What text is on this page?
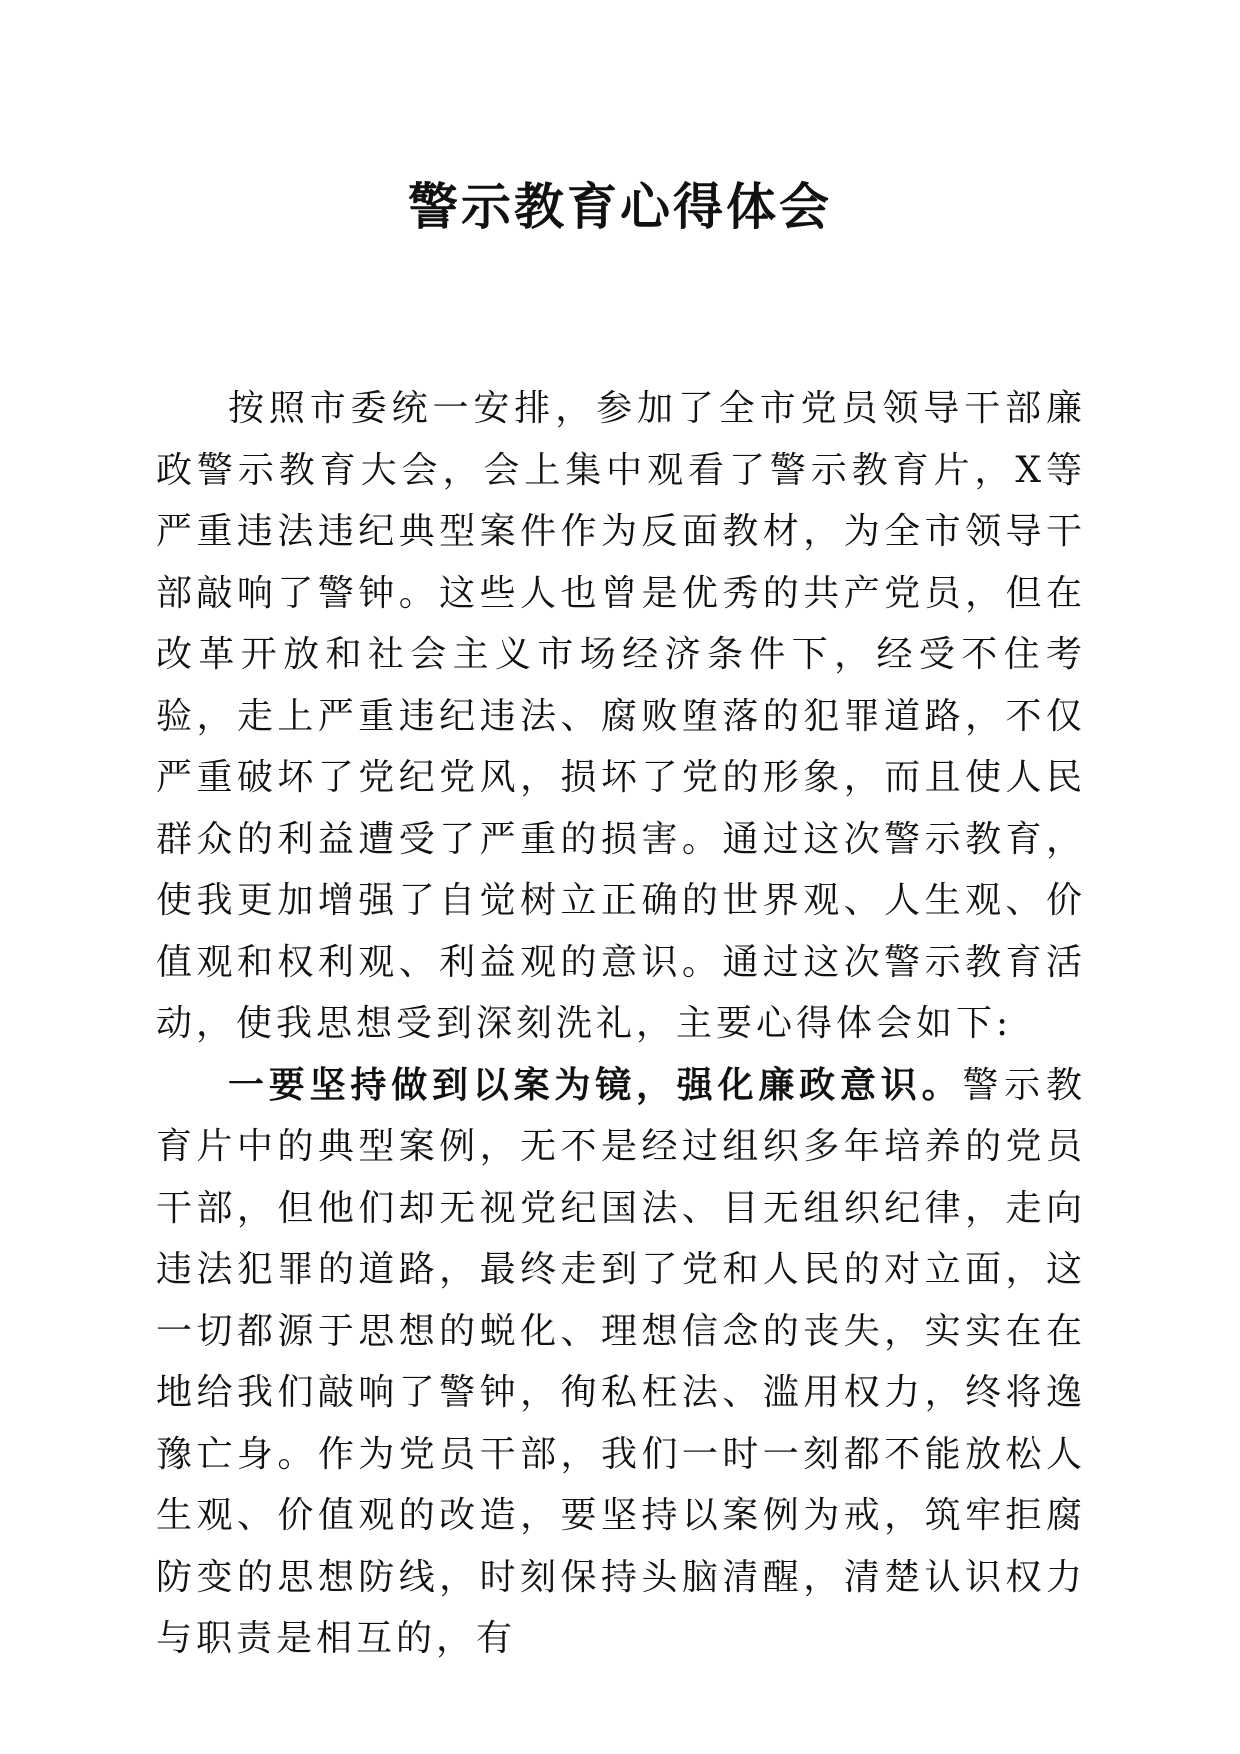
警示教育心得体会

按照市委统一安排，参加了全市党员领导干部廉政警示教育大会，会上集中观看了警示教育片，X等严重违法违纪典型案件作为反面教材，为全市领导干部敲响了警钟。这些人也曾是优秀的共产党员，但在改革开放和社会主义市场经济条件下，经受不住考验，走上严重违纪违法、腐败堕落的犯罪道路，不仅严重破坏了党纪党风，损坏了党的形象，而且使人民群众的利益遭受了严重的损害。通过这次警示教育，使我更加增强了自觉树立正确的世界观、人生观、价值观和权利观、利益观的意识。通过这次警示教育活动，使我思想受到深刻洗礼，主要心得体会如下:

一要坚持做到以案为镜，强化廉政意识。警示教育片中的典型案例，无不是经过组织多年培养的党员干部，但他们却无视党纪国法、目无组织纪律，走向违法犯罪的道路，最终走到了党和人民的对立面，这一切都源于思想的蜕化、理想信念的丧失，实实在在地给我们敲响了警钟，徇私枉法、滥用权力，终将逸豫亡身。作为党员干部，我们一时一刻都不能放松人生观、价值观的改造，要坚持以案例为戒，筑牢拒腐防变的思想防线，时刻保持头脑清醒，清楚认识权力与职责是相互的，有
